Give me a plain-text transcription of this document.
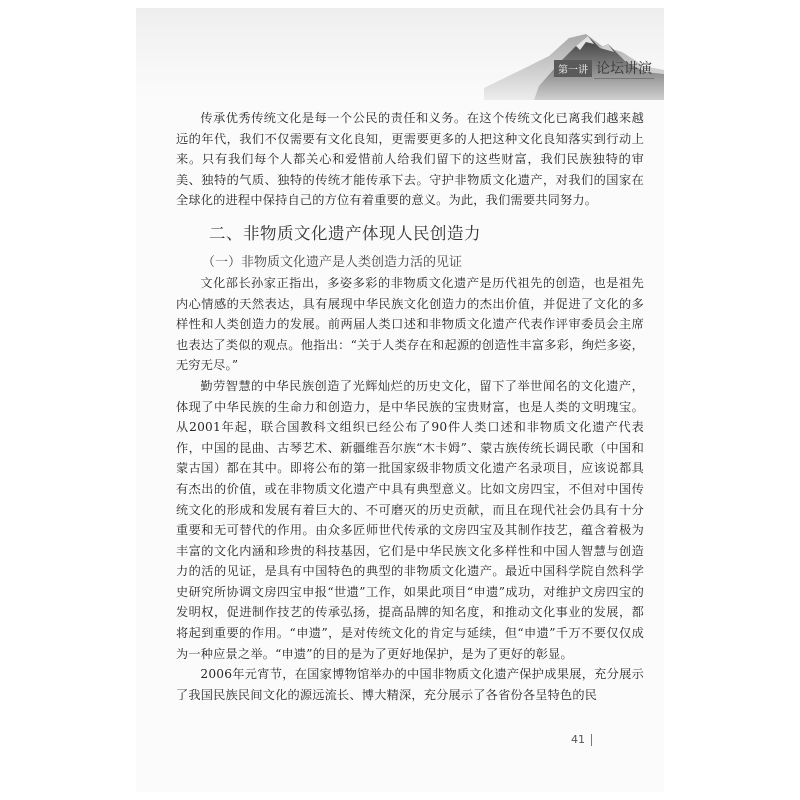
第一讲 论坛讲演

传承优秀传统文化是每一个公民的责任和义务。在这个传统文化已离我们越来越远的年代，我们不仅需要有文化良知，更需要更多的人把这种文化良知落实到行动上来。只有我们每个人都关心和爱惜前人给我们留下的这些财富，我们民族独特的审美、独特的气质、独特的传统才能传承下去。守护非物质文化遗产，对我们的国家在全球化的进程中保持自己的方位有着重要的意义。为此，我们需要共同努力。

二、非物质文化遗产体现人民创造力
（一）非物质文化遗产是人类创造力活的见证

文化部长孙家正指出，多姿多彩的非物质文化遗产是历代祖先的创造，也是祖先内心情感的天然表达，具有展现中华民族文化创造力的杰出价值，并促进了文化的多样性和人类创造力的发展。前两届人类口述和非物质文化遗产代表作评审委员会主席也表达了类似的观点。他指出：“关于人类存在和起源的创造性丰富多彩，绚烂多姿，无穷无尽。”

勤劳智慧的中华民族创造了光辉灿烂的历史文化，留下了举世闻名的文化遗产，体现了中华民族的生命力和创造力，是中华民族的宝贵财富，也是人类的文明瑰宝。从2001年起，联合国教科文组织已经公布了90件人类口述和非物质文化遗产代表作，中国的昆曲、古琴艺术、新疆维吾尔族“木卡姆”、蒙古族传统长调民歌（中国和蒙古国）都在其中。即将公布的第一批国家级非物质文化遗产名录项目，应该说都具有杰出的价值，或在非物质文化遗产中具有典型意义。比如文房四宝，不但对中国传统文化的形成和发展有着巨大的、不可磨灭的历史贡献，而且在现代社会仍具有十分重要和无可替代的作用。由众多匠师世代传承的文房四宝及其制作技艺，蕴含着极为丰富的文化内涵和珍贵的科技基因，它们是中华民族文化多样性和中国人智慧与创造力的活的见证，是具有中国特色的典型的非物质文化遗产。最近中国科学院自然科学史研究所协调文房四宝申报“世遗”工作，如果此项目“申遗”成功，对维护文房四宝的发明权，促进制作技艺的传承弘扬，提高品牌的知名度，和推动文化事业的发展，都将起到重要的作用。“申遗”，是对传统文化的肯定与延续，但“申遗”千万不要仅仅成为一种应景之举。“申遗”的目的是为了更好地保护，是为了更好的彰显。

2006年元宵节，在国家博物馆举办的中国非物质文化遗产保护成果展，充分展示了我国民族民间文化的源远流长、博大精深，充分展示了各省份各呈特色的民

41
